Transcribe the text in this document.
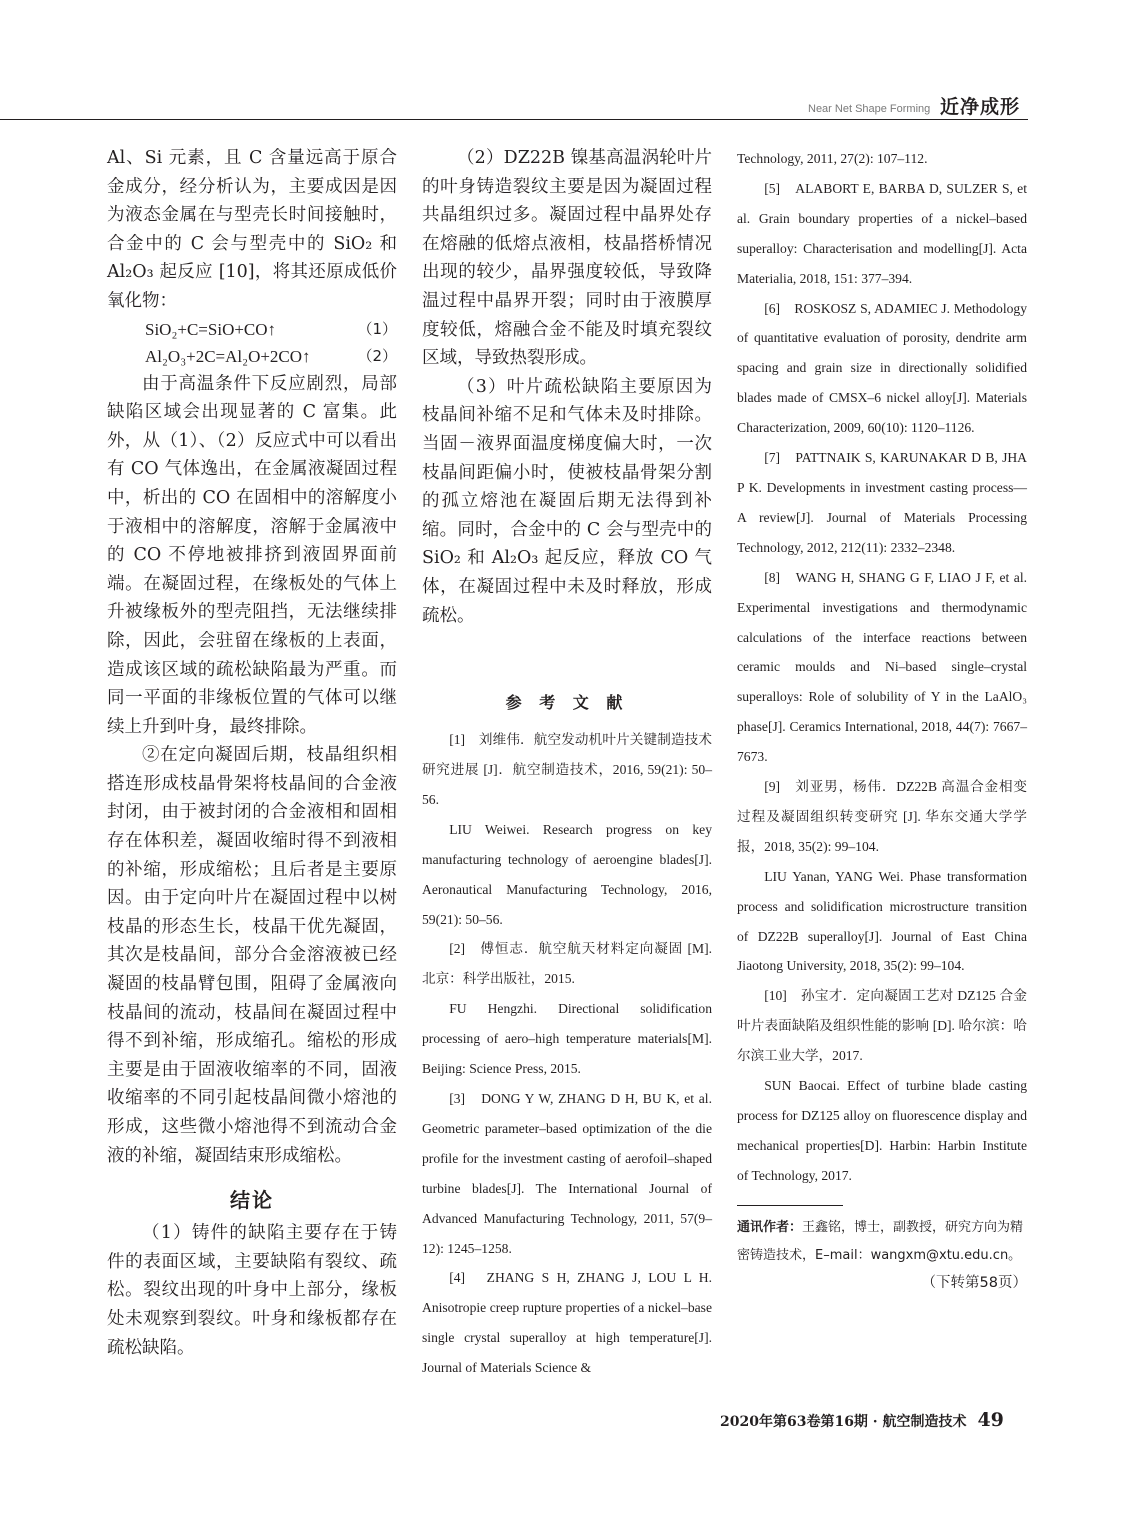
Near Net Shape Forming 近净成形

Al、Si 元素，且 C 含量远高于原合金成分，经分析认为，主要成因是因为液态金属在与型壳长时间接触时，合金中的 C 会与型壳中的 SiO₂ 和 Al₂O₃ 起反应 [10]，将其还原成低价氧化物：

SiO₂+C=SiO+CO↑	（1）
Al₂O₃+2C=Al₂O+2CO↑	（2）

由于高温条件下反应剧烈，局部缺陷区域会出现显著的 C 富集。此外，从（1）、（2）反应式中可以看出有 CO 气体逸出，在金属液凝固过程中，析出的 CO 在固相中的溶解度小于液相中的溶解度，溶解于金属液中的 CO 不停地被排挤到液固界面前端。在凝固过程，在缘板处的气体上升被缘板外的型壳阻挡，无法继续排除，因此，会驻留在缘板的上表面，造成该区域的疏松缺陷最为严重。而同一平面的非缘板位置的气体可以继续上升到叶身，最终排除。

②在定向凝固后期，枝晶组织相搭连形成枝晶骨架将枝晶间的合金液封闭，由于被封闭的合金液相和固相存在体积差，凝固收缩时得不到液相的补缩，形成缩松；且后者是主要原因。由于定向叶片在凝固过程中以树枝晶的形态生长，枝晶干优先凝固，其次是枝晶间，部分合金溶液被已经凝固的枝晶臂包围，阻碍了金属液向枝晶间的流动，枝晶间在凝固过程中得不到补缩，形成缩孔。缩松的形成主要是由于固液收缩率的不同，固液收缩率的不同引起枝晶间微小熔池的形成，这些微小熔池得不到流动合金液的补缩，凝固结束形成缩松。

结论

（1）铸件的缺陷主要存在于铸件的表面区域，主要缺陷有裂纹、疏松。裂纹出现的叶身中上部分，缘板处未观察到裂纹。叶身和缘板都存在疏松缺陷。

（2）DZ22B 镍基高温涡轮叶片的叶身铸造裂纹主要是因为凝固过程共晶组织过多。凝固过程中晶界处存在熔融的低熔点液相，枝晶搭桥情况出现的较少，晶界强度较低，导致降温过程中晶界开裂；同时由于液膜厚度较低，熔融合金不能及时填充裂纹区域，导致热裂形成。

（3）叶片疏松缺陷主要原因为枝晶间补缩不足和气体未及时排除。当固－液界面温度梯度偏大时，一次枝晶间距偏小时，使被枝晶骨架分割的孤立熔池在凝固后期无法得到补缩。同时，合金中的 C 会与型壳中的 SiO₂ 和 Al₂O₃ 起反应，释放 CO 气体，在凝固过程中未及时释放，形成疏松。

参 考 文 献

[1]　刘维伟．航空发动机叶片关键制造技术研究进展 [J]．航空制造技术，2016, 59(21): 50–56.

LIU Weiwei. Research progress on key manufacturing technology of aeroengine blades[J]. Aeronautical Manufacturing Technology, 2016, 59(21): 50–56.

[2]　傅恒志．航空航天材料定向凝固 [M]. 北京：科学出版社，2015.

FU Hengzhi. Directional solidification processing of aero–high temperature materials[M]. Beijing: Science Press, 2015.

[3]　DONG Y W, ZHANG D H, BU K, et al. Geometric parameter–based optimization of the die profile for the investment casting of aerofoil–shaped turbine blades[J]. The International Journal of Advanced Manufacturing Technology, 2011, 57(9–12): 1245–1258.

[4]　ZHANG S H, ZHANG J, LOU L H. Anisotropie creep rupture properties of a nickel–base single crystal superalloy at high temperature[J]. Journal of Materials Science &

Technology, 2011, 27(2): 107–112.

[5]　ALABORT E, BARBA D, SULZER S, et al. Grain boundary properties of a nickel–based superalloy: Characterisation and modelling[J]. Acta Materialia, 2018, 151: 377–394.

[6]　ROSKOSZ S, ADAMIEC J. Methodology of quantitative evaluation of porosity, dendrite arm spacing and grain size in directionally solidified blades made of CMSX–6 nickel alloy[J]. Materials Characterization, 2009, 60(10): 1120–1126.

[7]　PATTNAIK S, KARUNAKAR D B, JHA P K. Developments in investment casting process—A review[J]. Journal of Materials Processing Technology, 2012, 212(11): 2332–2348.

[8]　WANG H, SHANG G F, LIAO J F, et al. Experimental investigations and thermodynamic calculations of the interface reactions between ceramic moulds and Ni–based single–crystal superalloys: Role of solubility of Y in the LaAlO₃ phase[J]. Ceramics International, 2018, 44(7): 7667–7673.

[9]　刘亚男，杨伟．DZ22B 高温合金相变过程及凝固组织转变研究 [J]. 华东交通大学学报，2018, 35(2): 99–104.

LIU Yanan, YANG Wei. Phase transformation process and solidification microstructure transition of DZ22B superalloy[J]. Journal of East China Jiaotong University, 2018, 35(2): 99–104.

[10]　孙宝才．定向凝固工艺对 DZ125 合金叶片表面缺陷及组织性能的影响 [D]. 哈尔滨：哈尔滨工业大学，2017.

SUN Baocai. Effect of turbine blade casting process for DZ125 alloy on fluorescence display and mechanical properties[D]. Harbin: Harbin Institute of Technology, 2017.

通讯作者：王鑫铭，博士，副教授，研究方向为精密铸造技术，E–mail：wangxm@xtu.edu.cn。

（下转第58页）

2020年第63卷第16期 · 航空制造技术 49
